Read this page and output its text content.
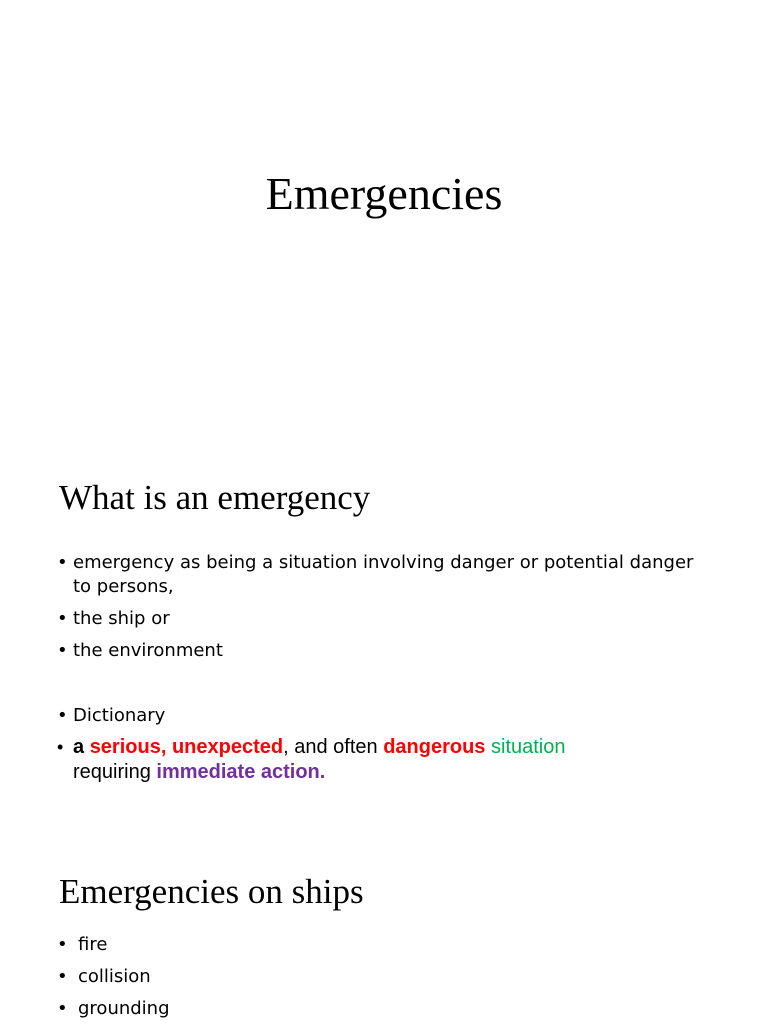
Emergencies
What is an emergency
• emergency as being a situation involving danger or potential danger to persons,
• the ship or
• the environment
• Dictionary
• a serious, unexpected, and often dangerous situation
requiring immediate action.
Emergencies on ships
• fire
• collision
• grounding
